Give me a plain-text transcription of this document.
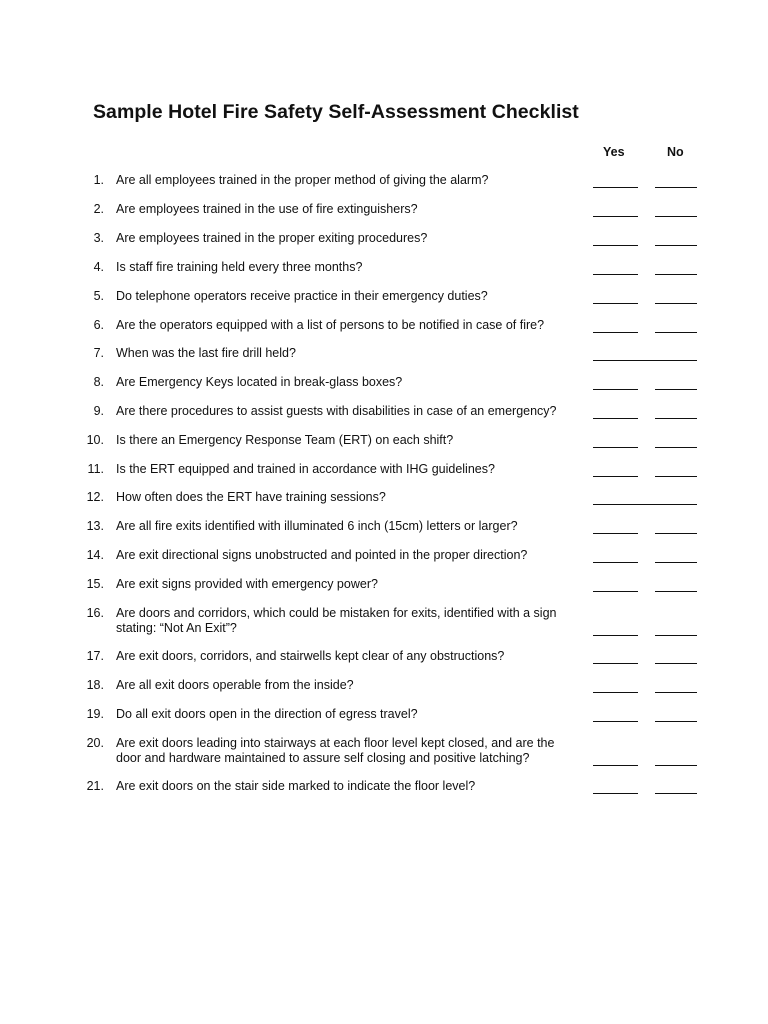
Sample Hotel Fire Safety Self-Assessment Checklist
Yes	No
1. Are all employees trained in the proper method of giving the alarm?
2. Are employees trained in the use of fire extinguishers?
3. Are employees trained in the proper exiting procedures?
4. Is staff fire training held every three months?
5. Do telephone operators receive practice in their emergency duties?
6. Are the operators equipped with a list of persons to be notified in case of fire?
7. When was the last fire drill held?
8. Are Emergency Keys located in break-glass boxes?
9. Are there procedures to assist guests with disabilities in case of an emergency?
10. Is there an Emergency Response Team (ERT) on each shift?
11. Is the ERT equipped and trained in accordance with IHG guidelines?
12. How often does the ERT have training sessions?
13. Are all fire exits identified with illuminated 6 inch (15cm) letters or larger?
14. Are exit directional signs unobstructed and pointed in the proper direction?
15. Are exit signs provided with emergency power?
16. Are doors and corridors, which could be mistaken for exits, identified with a sign stating: “Not An Exit”?
17. Are exit doors, corridors, and stairwells kept clear of any obstructions?
18. Are all exit doors operable from the inside?
19. Do all exit doors open in the direction of egress travel?
20. Are exit doors leading into stairways at each floor level kept closed, and are the door and hardware maintained to assure self closing and positive latching?
21. Are exit doors on the stair side marked to indicate the floor level?
